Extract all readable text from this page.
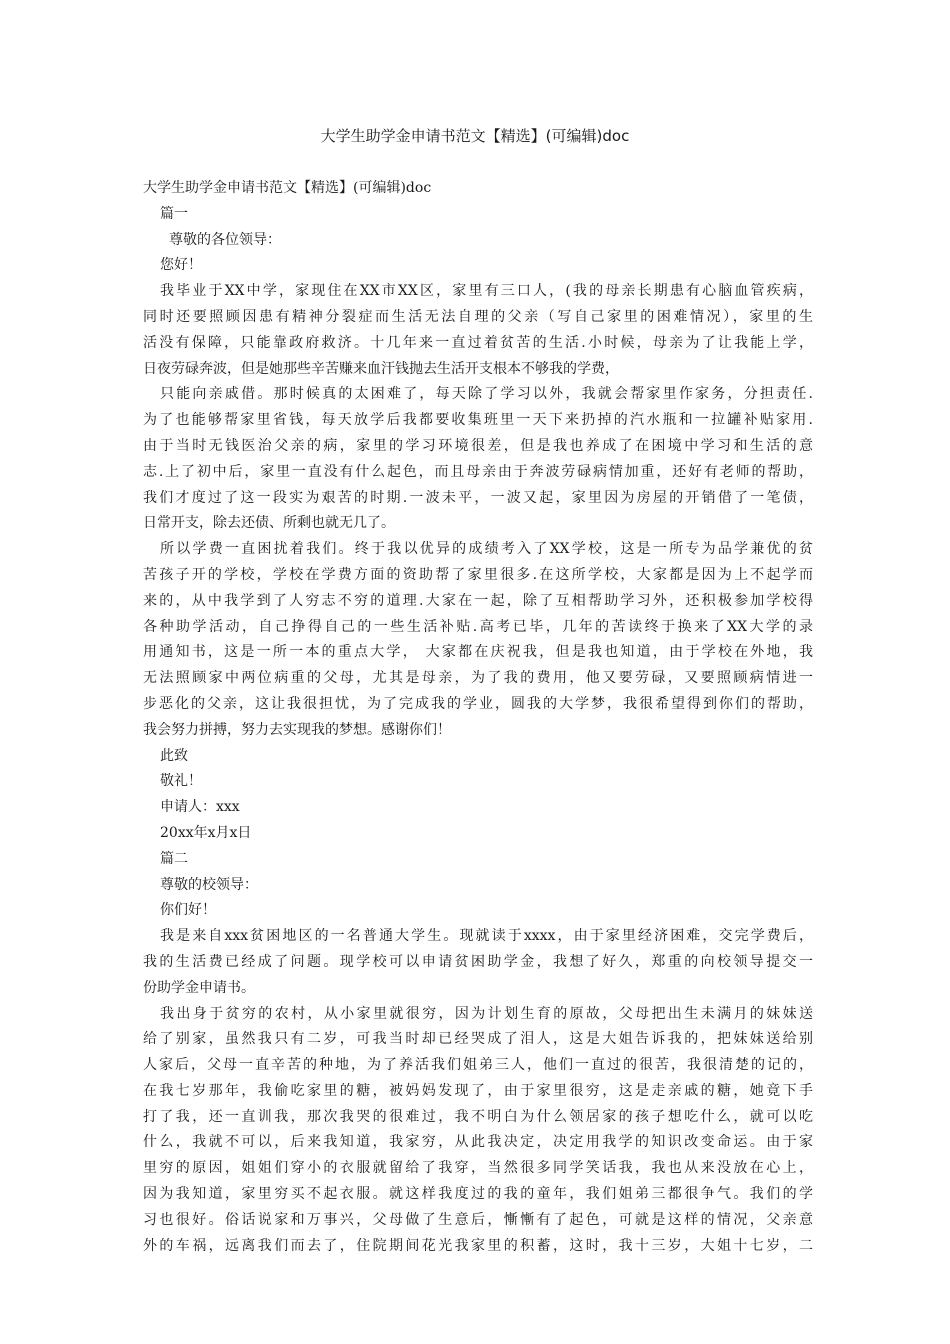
大学生助学金申请书范文【精选】(可编辑)doc
大学生助学金申请书范文【精选】(可编辑)doc
篇一
尊敬的各位领导：
您好！
我毕业于XX中学，家现住在XX市XX区，家里有三口人，(我的母亲长期患有心脑血管疾病，
同时还要照顾因患有精神分裂症而生活无法自理的父亲（写自己家里的困难情况），家里的生
活没有保障，只能靠政府救济。十几年来一直过着贫苦的生活.小时候，母亲为了让我能上学，
日夜劳碌奔波，但是她那些辛苦赚来血汗钱抛去生活开支根本不够我的学费，
只能向亲戚借。那时候真的太困难了，每天除了学习以外，我就会帮家里作家务，分担责任.
为了也能够帮家里省钱，每天放学后我都要收集班里一天下来扔掉的汽水瓶和一拉罐补贴家用.
由于当时无钱医治父亲的病，家里的学习环境很差，但是我也养成了在困境中学习和生活的意
志.上了初中后，家里一直没有什么起色，而且母亲由于奔波劳碌病情加重，还好有老师的帮助，
我们才度过了这一段实为艰苦的时期.一波未平，一波又起，家里因为房屋的开销借了一笔债，
日常开支，除去还债、所剩也就无几了。
所以学费一直困扰着我们。终于我以优异的成绩考入了XX学校，这是一所专为品学兼优的贫
苦孩子开的学校，学校在学费方面的资助帮了家里很多.在这所学校，大家都是因为上不起学而
来的，从中我学到了人穷志不穷的道理.大家在一起，除了互相帮助学习外，还积极参加学校得
各种助学活动，自己挣得自己的一些生活补贴.高考已毕，几年的苦读终于换来了XX大学的录
用通知书，这是一所一本的重点大学， 大家都在庆祝我，但是我也知道，由于学校在外地，我
无法照顾家中两位病重的父母，尤其是母亲，为了我的费用，他又要劳碌，又要照顾病情进一
步恶化的父亲，这让我很担忧，为了完成我的学业，圆我的大学梦，我很希望得到你们的帮助，
我会努力拼搏，努力去实现我的梦想。感谢你们！
此致
敬礼！
申请人：xxx
20xx年x月x日
篇二
尊敬的校领导：
你们好！
我是来自xxx贫困地区的一名普通大学生。现就读于xxxx，由于家里经济困难，交完学费后，
我的生活费已经成了问题。现学校可以申请贫困助学金，我想了好久，郑重的向校领导提交一
份助学金申请书。
我出身于贫穷的农村，从小家里就很穷，因为计划生育的原故，父母把出生未满月的妹妹送
给了别家，虽然我只有二岁，可我当时却已经哭成了泪人，这是大姐告诉我的，把妹妹送给别
人家后，父母一直辛苦的种地，为了养活我们姐弟三人，他们一直过的很苦，我很清楚的记的，
在我七岁那年，我偷吃家里的糖，被妈妈发现了，由于家里很穷，这是走亲戚的糖，她竟下手
打了我，还一直训我，那次我哭的很难过，我不明白为什么领居家的孩子想吃什么，就可以吃
什么，我就不可以，后来我知道，我家穷，从此我决定，决定用我学的知识改变命运。由于家
里穷的原因，姐姐们穿小的衣服就留给了我穿，当然很多同学笑话我，我也从来没放在心上，
因为我知道，家里穷买不起衣服。就这样我度过的我的童年，我们姐弟三都很争气。我们的学
习也很好。俗话说家和万事兴，父母做了生意后，慚慚有了起色，可就是这样的情况，父亲意
外的车祸，远离我们而去了，住院期间花光我家里的积蓄，这时，我十三岁，大姐十七岁，二
